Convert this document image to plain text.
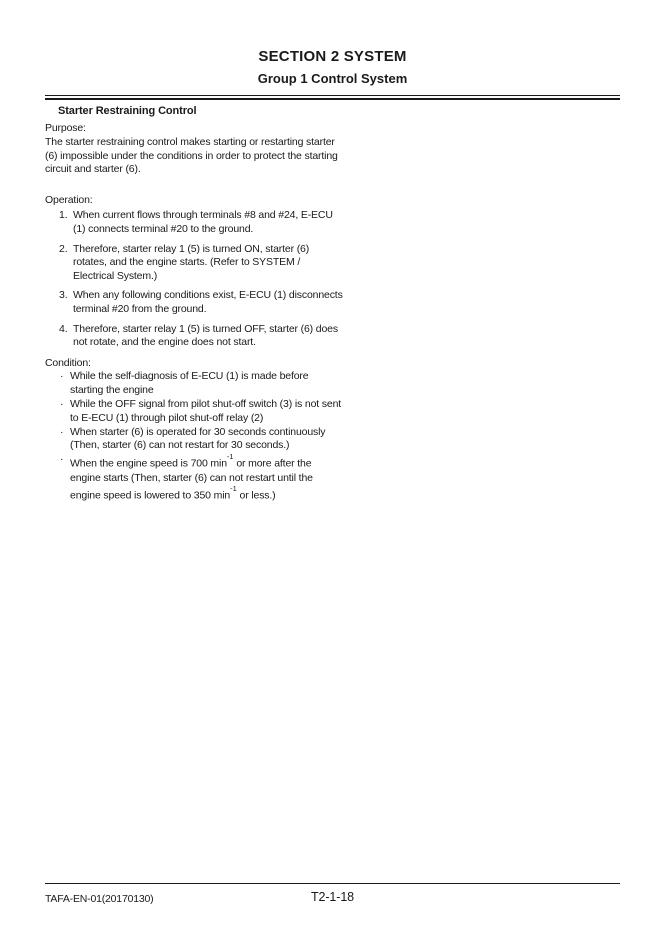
SECTION 2 SYSTEM
Group 1 Control System
Starter Restraining Control
Purpose:

The starter restraining control makes starting or restarting starter (6) impossible under the conditions in order to protect the starting circuit and starter (6).

Operation:
1. When current flows through terminals #8 and #24, E-ECU (1) connects terminal #20 to the ground.
2. Therefore, starter relay 1 (5) is turned ON, starter (6) rotates, and the engine starts. (Refer to SYSTEM / Electrical System.)
3. When any following conditions exist, E-ECU (1) disconnects terminal #20 from the ground.
4. Therefore, starter relay 1 (5) is turned OFF, starter (6) does not rotate, and the engine does not start.
Condition:
· While the self-diagnosis of E-ECU (1) is made before starting the engine
· While the OFF signal from pilot shut-off switch (3) is not sent to E-ECU (1) through pilot shut-off relay (2)
· When starter (6) is operated for 30 seconds continuously (Then, starter (6) can not restart for 30 seconds.)
· When the engine speed is 700 $\min^{-1}$ or more after the engine starts (Then, starter (6) can not restart until the engine speed is lowered to 350 $\min^{-1}$ or less.)
TAFA-EN-01(20170130)	T2-1-18
